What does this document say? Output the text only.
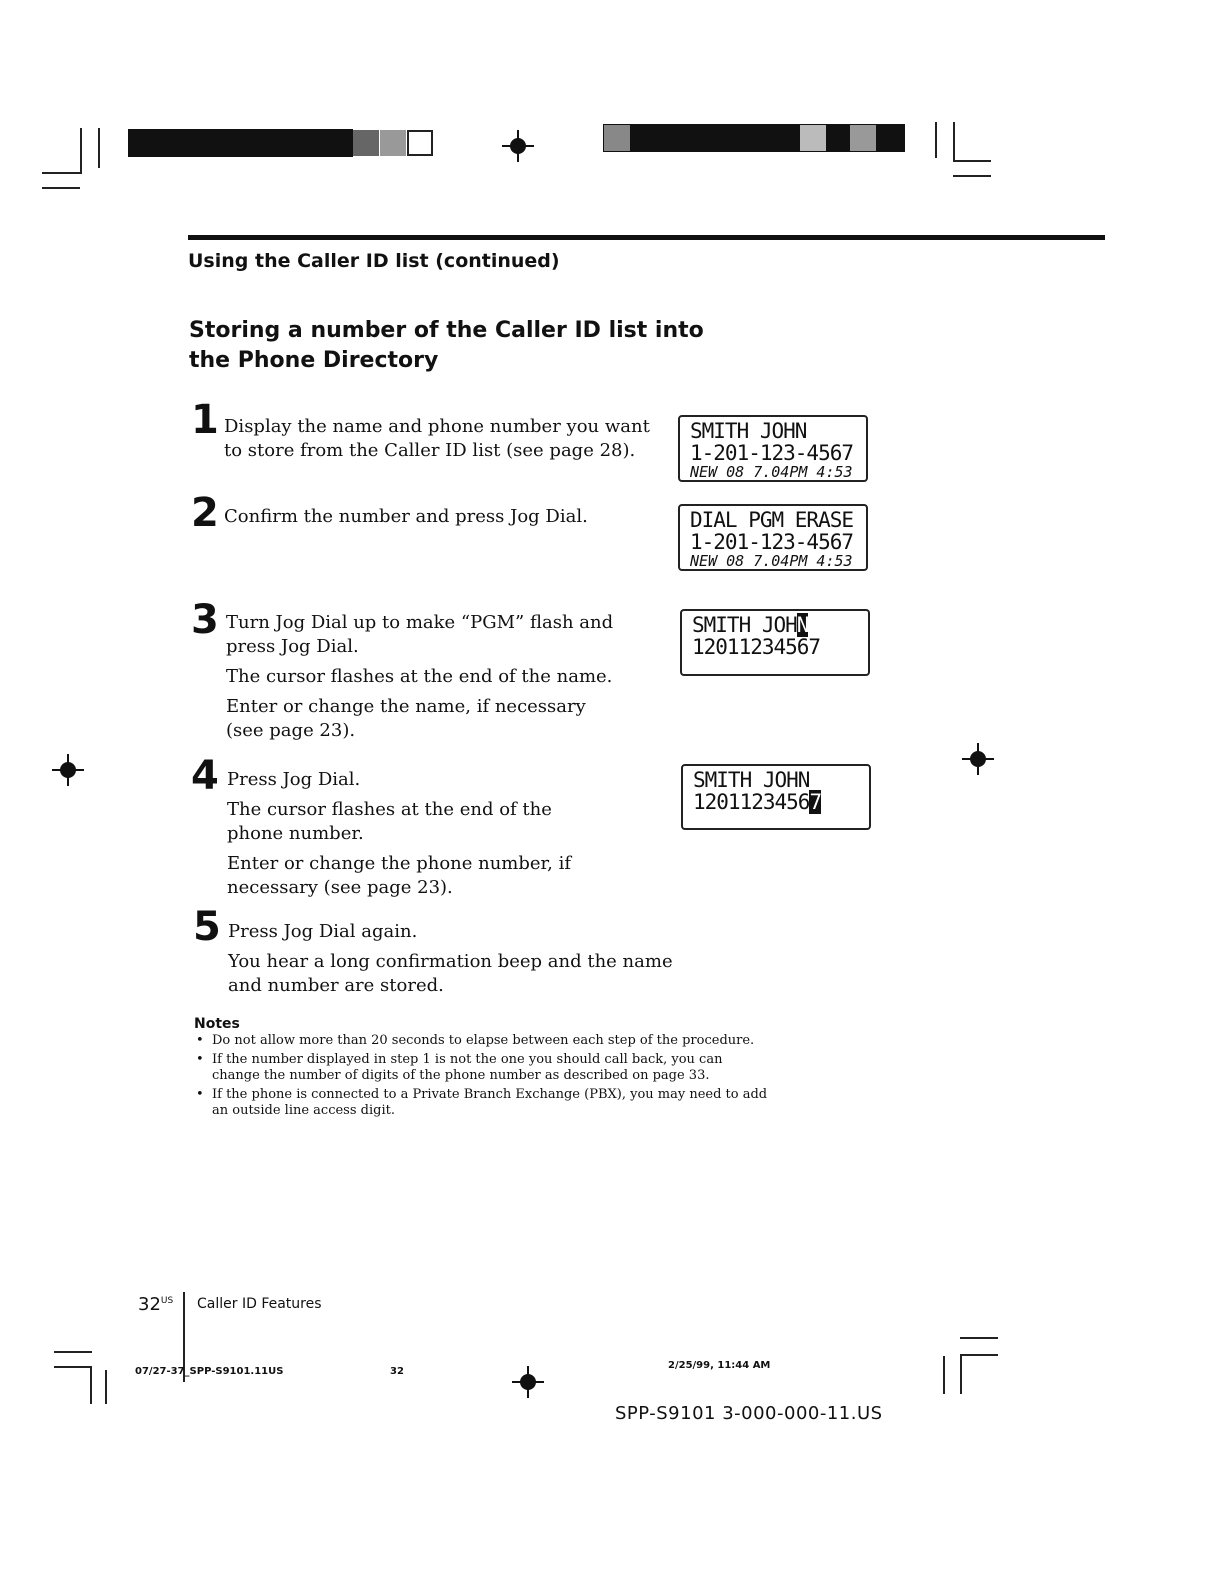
Using the Caller ID list (continued)
Storing a number of the Caller ID list into the Phone Directory
1 Display the name and phone number you want to store from the Caller ID list (see page 28).
2 Confirm the number and press Jog Dial.
3 Turn Jog Dial up to make “PGM” flash and press Jog Dial.
The cursor flashes at the end of the name.
Enter or change the name, if necessary (see page 23).
4 Press Jog Dial.
The cursor flashes at the end of the phone number.
Enter or change the phone number, if necessary (see page 23).
5 Press Jog Dial again.
You hear a long confirmation beep and the name and number are stored.
SMITH JOHN
1-201-123-4567
NEW 08 7.04PM 4:53
DIAL PGM ERASE
1-201-123-4567
NEW 08 7.04PM 4:53
SMITH JOHN
12011234567
SMITH JOHN
12011234567
Notes
• Do not allow more than 20 seconds to elapse between each step of the procedure.
• If the number displayed in step 1 is not the one you should call back, you can change the number of digits of the phone number as described on page 33.
• If the phone is connected to a Private Branch Exchange (PBX), you may need to add an outside line access digit.
$32^{US}$ Caller ID Features
07/27-37_SPP-S9101.11US	32
2/25/99, 11:44 AM
SPP-S9101 3-000-000-11.US
